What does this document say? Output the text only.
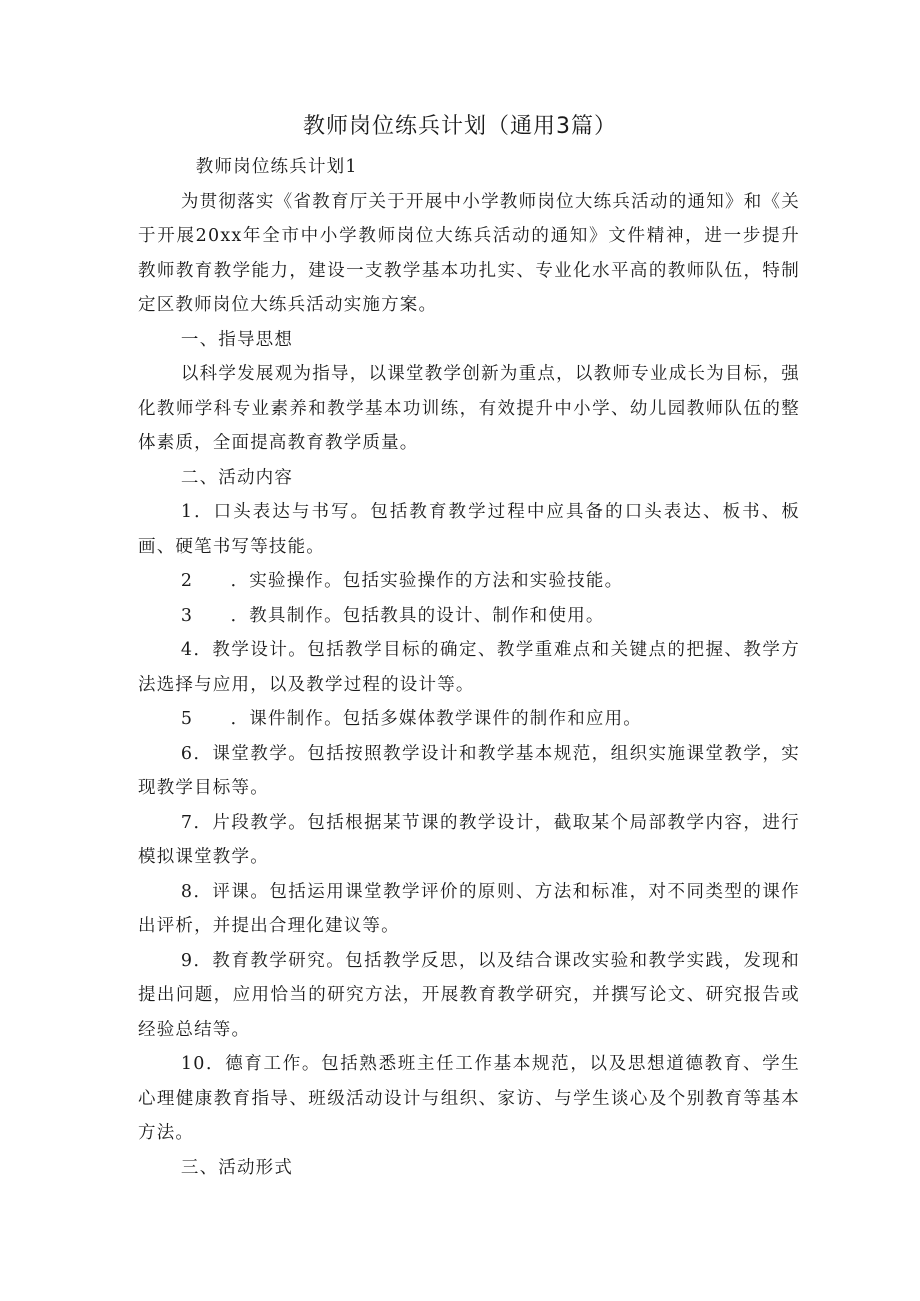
教师岗位练兵计划（通用3篇）

教师岗位练兵计划1

为贯彻落实《省教育厅关于开展中小学教师岗位大练兵活动的通知》和《关于开展20xx年全市中小学教师岗位大练兵活动的通知》文件精神，进一步提升教师教育教学能力，建设一支教学基本功扎实、专业化水平高的教师队伍，特制定区教师岗位大练兵活动实施方案。

一、指导思想

以科学发展观为指导，以课堂教学创新为重点，以教师专业成长为目标，强化教师学科专业素养和教学基本功训练，有效提升中小学、幼儿园教师队伍的整体素质，全面提高教育教学质量。

二、活动内容

1．口头表达与书写。包括教育教学过程中应具备的口头表达、板书、板画、硬笔书写等技能。

2　　．实验操作。包括实验操作的方法和实验技能。

3　　．教具制作。包括教具的设计、制作和使用。

4．教学设计。包括教学目标的确定、教学重难点和关键点的把握、教学方法选择与应用，以及教学过程的设计等。

5　　．课件制作。包括多媒体教学课件的制作和应用。

6．课堂教学。包括按照教学设计和教学基本规范，组织实施课堂教学，实现教学目标等。

7．片段教学。包括根据某节课的教学设计，截取某个局部教学内容，进行模拟课堂教学。

8．评课。包括运用课堂教学评价的原则、方法和标准，对不同类型的课作出评析，并提出合理化建议等。

9．教育教学研究。包括教学反思，以及结合课改实验和教学实践，发现和提出问题，应用恰当的研究方法，开展教育教学研究，并撰写论文、研究报告或经验总结等。

10．德育工作。包括熟悉班主任工作基本规范，以及思想道德教育、学生心理健康教育指导、班级活动设计与组织、家访、与学生谈心及个别教育等基本方法。

三、活动形式
